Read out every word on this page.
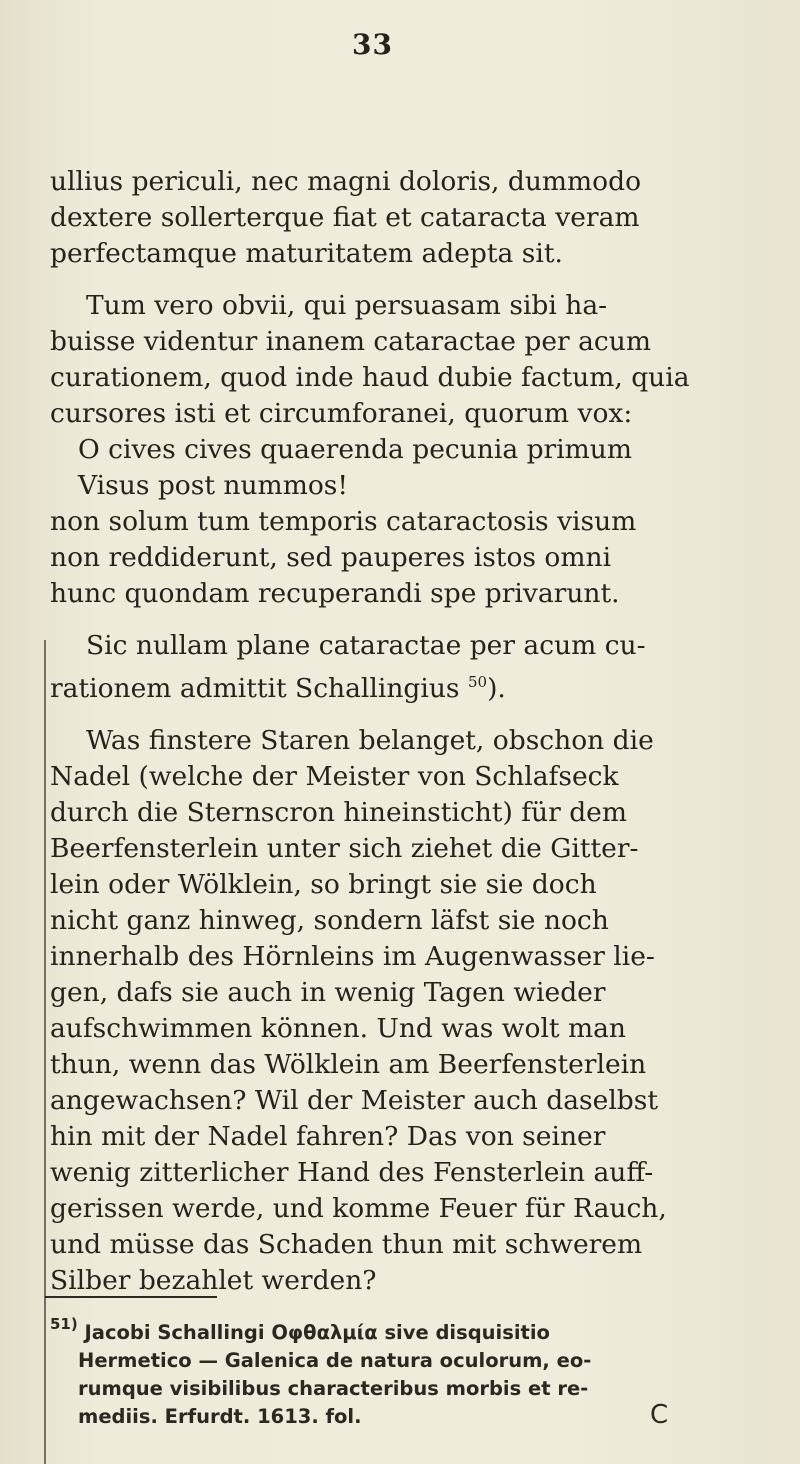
33

ullius periculi, nec magni doloris, dummodo

dextere sollerterque fiat et cataracta veram

perfectamque maturitatem adepta sit.

Tum vero obvii, qui persuasam sibi ha-

buisse videntur inanem cataractae per acum

curationem, quod inde haud dubie factum, quia

cursores isti et circumforanei, quorum vox:

O cives cives quaerenda pecunia primum

Visus post nummos!

non solum tum temporis cataractosis visum

non reddiderunt, sed pauperes istos omni

hunc quondam recuperandi spe privarunt.

Sic nullam plane cataractae per acum cu-

rationem admittit Schallingius $^{50}$).

Was finstere Staren belanget, obschon die

Nadel (welche der Meister von Schlafseck

durch die Sternscron hineinsticht) für dem

Beerfensterlein unter sich ziehet die Gitter-

lein oder Wölklein, so bringt sie sie doch

nicht ganz hinweg, sondern läfst sie noch

innerhalb des Hörnleins im Augenwasser lie-

gen, dafs sie auch in wenig Tagen wieder

aufschwimmen können. Und was wolt man

thun, wenn das Wölklein am Beerfensterlein

angewachsen? Wil der Meister auch daselbst

hin mit der Nadel fahren? Das von seiner

wenig zitterlicher Hand des Fensterlein auff-

gerissen werde, und komme Feuer für Rauch,

und müsse das Schaden thun mit schwerem

Silber bezahlet werden?

$^{51)}$ Jacobi Schallingi Οφθαλμία sive disquisitio

Hermetico — Galenica de natura oculorum, eo-

rumque visibilibus characteribus morbis et re-

mediis. Erfurdt. 1613. fol.	C
